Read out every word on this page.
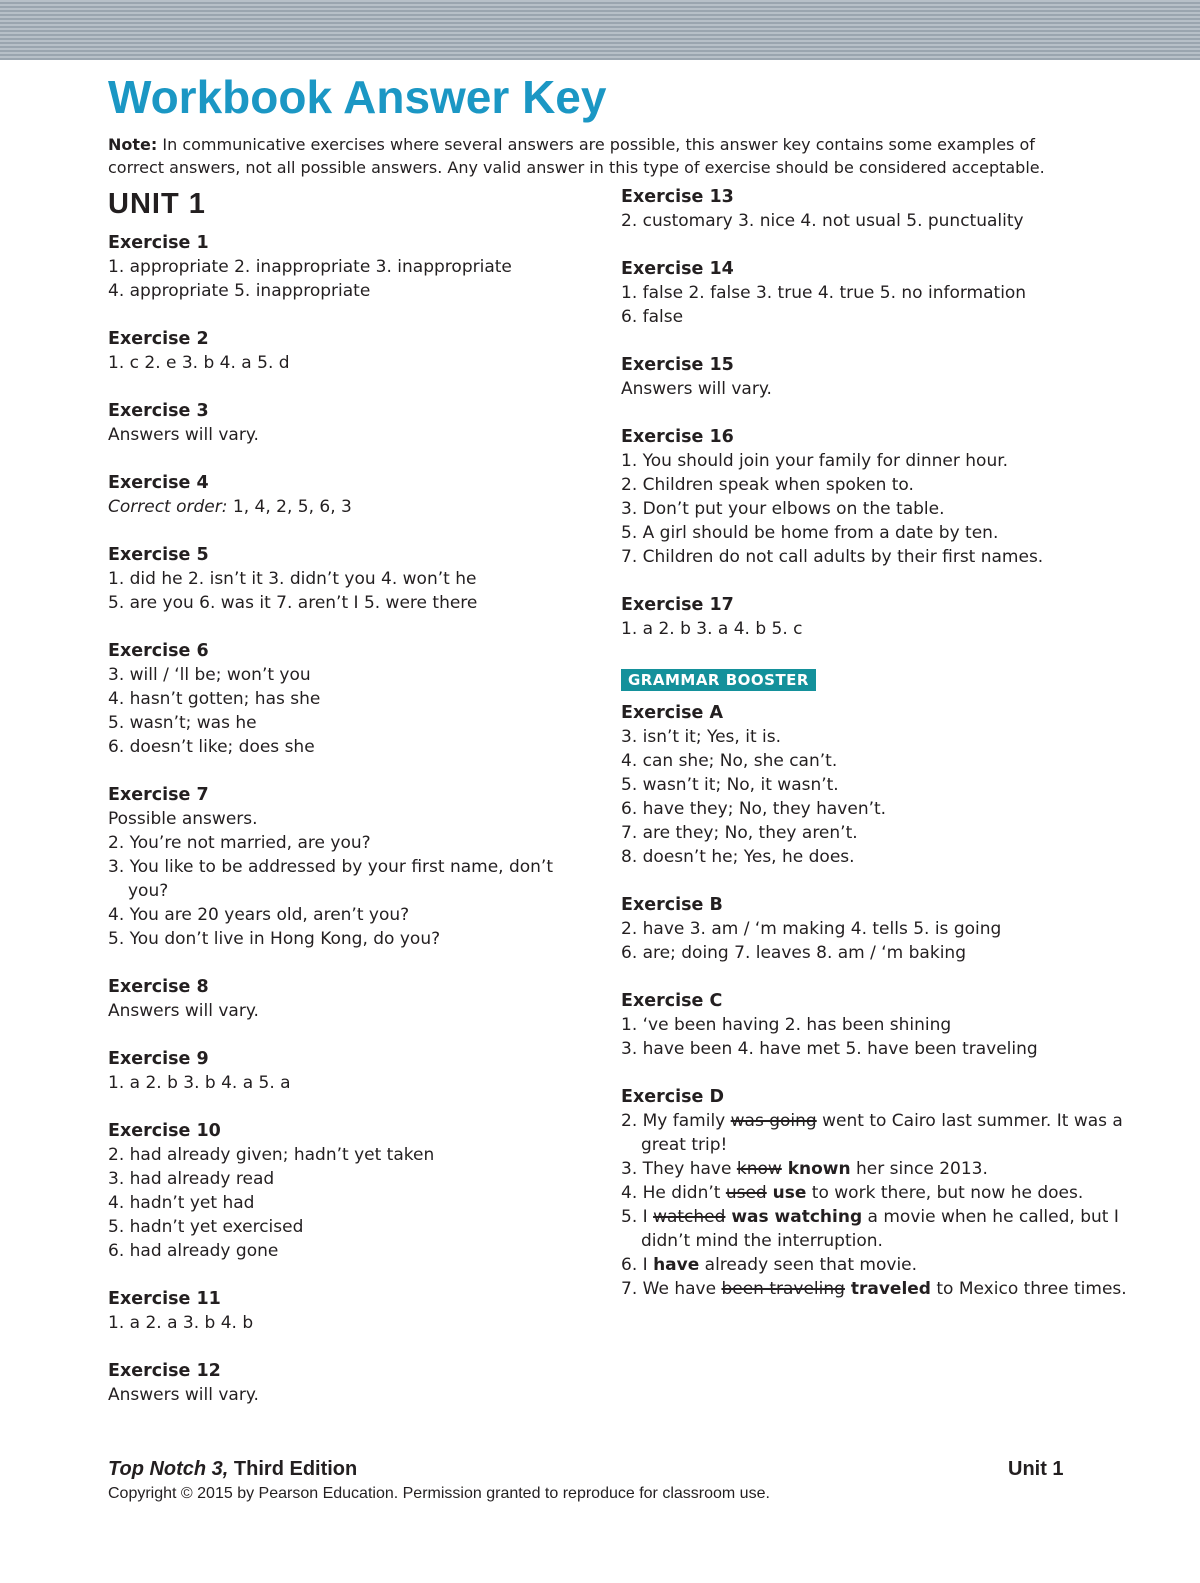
Workbook Answer Key

Note: In communicative exercises where several answers are possible, this answer key contains some examples of correct answers, not all possible answers. Any valid answer in this type of exercise should be considered acceptable.

UNIT 1
Exercise 1
1. appropriate 2. inappropriate 3. inappropriate
4. appropriate 5. inappropriate
Exercise 2
1. c 2. e 3. b 4. a 5. d
Exercise 3
Answers will vary.
Exercise 4
Correct order: 1, 4, 2, 5, 6, 3
Exercise 5
1. did he 2. isn’t it 3. didn’t you 4. won’t he
5. are you 6. was it 7. aren’t I 5. were there
Exercise 6
3. will / ‘ll be; won’t you
4. hasn’t gotten; has she
5. wasn’t; was he
6. doesn’t like; does she
Exercise 7
Possible answers.
2. You’re not married, are you?
3. You like to be addressed by your first name, don’t you?
4. You are 20 years old, aren’t you?
5. You don’t live in Hong Kong, do you?
Exercise 8
Answers will vary.
Exercise 9
1. a 2. b 3. b 4. a 5. a
Exercise 10
2. had already given; hadn’t yet taken
3. had already read
4. hadn’t yet had
5. hadn’t yet exercised
6. had already gone
Exercise 11
1. a 2. a 3. b 4. b
Exercise 12
Answers will vary.
Exercise 13
2. customary 3. nice 4. not usual 5. punctuality
Exercise 14
1. false 2. false 3. true 4. true 5. no information
6. false
Exercise 15
Answers will vary.
Exercise 16
1. You should join your family for dinner hour.
2. Children speak when spoken to.
3. Don’t put your elbows on the table.
5. A girl should be home from a date by ten.
7. Children do not call adults by their first names.
Exercise 17
1. a 2. b 3. a 4. b 5. c
GRAMMAR BOOSTER
Exercise A
3. isn’t it; Yes, it is.
4. can she; No, she can’t.
5. wasn’t it; No, it wasn’t.
6. have they; No, they haven’t.
7. are they; No, they aren’t.
8. doesn’t he; Yes, he does.
Exercise B
2. have 3. am / ‘m making 4. tells 5. is going
6. are; doing 7. leaves 8. am / ‘m baking
Exercise C
1. ‘ve been having 2. has been shining
3. have been 4. have met 5. have been traveling
Exercise D
2. My family was going went to Cairo last summer. It was a great trip!
3. They have know known her since 2013.
4. He didn’t used use to work there, but now he does.
5. I watched was watching a movie when he called, but I didn’t mind the interruption.
6. I have already seen that movie.
7. We have been traveling traveled to Mexico three times.
Top Notch 3, Third Edition	Unit 1
Copyright © 2015 by Pearson Education. Permission granted to reproduce for classroom use.
